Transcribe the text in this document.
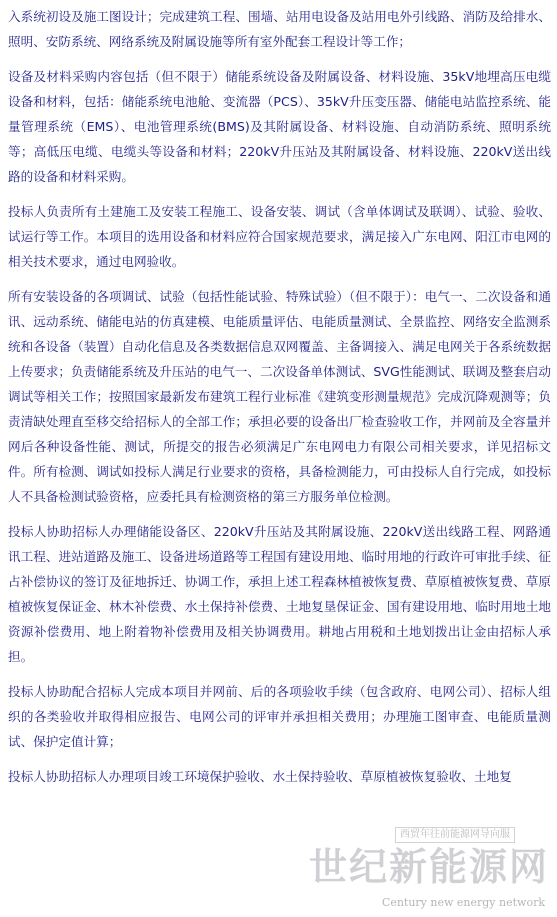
入系统初设及施工图设计；完成建筑工程、围墙、站用电设备及站用电外引线路、消防及给排水、照明、安防系统、网络系统及附属设施等所有室外配套工程设计等工作；

设备及材料采购内容包括（但不限于）储能系统设备及附属设备、材料设施、35kV地埋高压电缆设备和材料，包括：储能系统电池舱、变流器（PCS）、35kV升压变压器、储能电站监控系统、能量管理系统（EMS）、电池管理系统(BMS)及其附属设备、材料设施、自动消防系统、照明系统等；高低压电缆、电缆头等设备和材料；220kV升压站及其附属设备、材料设施、220kV送出线路的设备和材料采购。

投标人负责所有土建施工及安装工程施工、设备安装、调试（含单体调试及联调）、试验、验收、试运行等工作。本项目的选用设备和材料应符合国家规范要求，满足接入广东电网、阳江市电网的相关技术要求，通过电网验收。

所有安装设备的各项调试、试验（包括性能试验、特殊试验）（但不限于）：电气一、二次设备和通讯、远动系统、储能电站的仿真建模、电能质量评估、电能质量测试、全景监控、网络安全监测系统和各设备（装置）自动化信息及各类数据信息双网覆盖、主备调接入、满足电网关于各系统数据上传要求；负责储能系统及升压站的电气一、二次设备单体测试、SVG性能测试、联调及整套启动调试等相关工作；按照国家最新发布建筑工程行业标准《建筑变形测量规范》完成沉降观测等；负责清缺处理直至移交给招标人的全部工作；承担必要的设备出厂检查验收工作，并网前及全容量并网后各种设备性能、测试，所提交的报告必须满足广东电网电力有限公司相关要求，详见招标文件。所有检测、调试如投标人满足行业要求的资格，具备检测能力，可由投标人自行完成，如投标人不具备检测试验资格，应委托具有检测资格的第三方服务单位检测。

投标人协助招标人办理储能设备区、220kV升压站及其附属设施、220kV送出线路工程、网路通讯工程、进站道路及施工、设备进场道路等工程国有建设用地、临时用地的行政许可审批手续、征占补偿协议的签订及征地拆迁、协调工作，承担上述工程森林植被恢复费、草原植被恢复费、草原植被恢复保证金、林木补偿费、水土保持补偿费、土地复垦保证金、国有建设用地、临时用地土地资源补偿费用、地上附着物补偿费用及相关协调费用。耕地占用税和土地划拨出让金由招标人承担。

投标人协助配合招标人完成本项目并网前、后的各项验收手续（包含政府、电网公司）、招标人组织的各类验收并取得相应报告、电网公司的评审并承担相关费用；办理施工图审查、电能质量测试、保护定值计算；

投标人协助招标人办理项目竣工环境保护验收、水土保持验收、草原植被恢复验收、土地复

西贸年往前能源网导向服
世纪新能源网
Century new energy network
